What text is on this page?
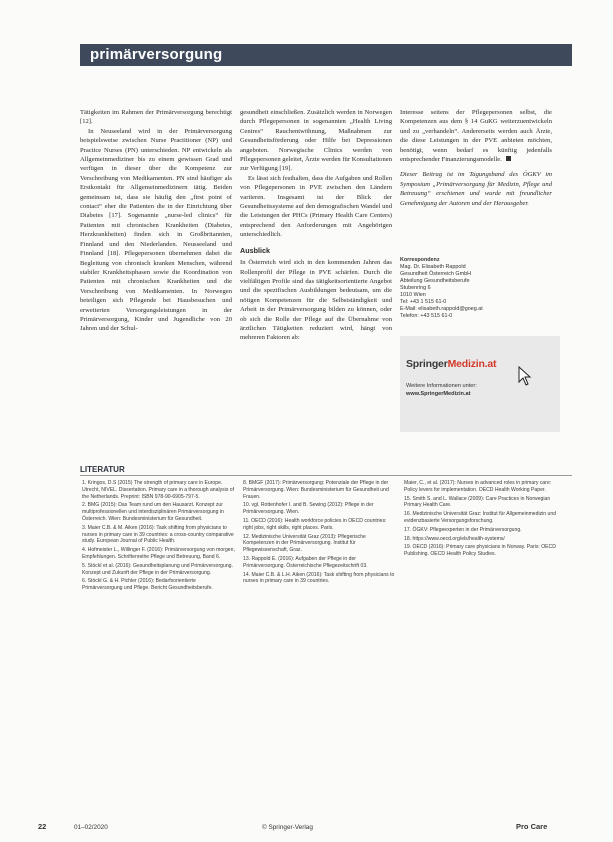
primärversorgung

Tätigkeiten im Rahmen der Primärversorgung berechtigt [12].

In Neuseeland wird in der Primärversorgung beispielsweise zwischen Nurse Practitioner (NP) und Practice Nurses (PN) unterschieden. NP entwickeln als Allgemeinmediziner bis zu einem gewissen Grad und verfügen in dieser über die Kompetenz zur Verschreibung von Medikamenten. PN sind häufiger als Erstkontakt für Allgemeinmedizinern tätig. Beiden gemeinsam ist, dass sie häufig den „first point of contact“ eher die Patienten die in der Einrichtung über Diabetes [17]. Sogenannte „nurse-led clinics“ für Patienten mit chronischen Krankheiten (Diabetes, Herzkrankheiten) finden sich in Großbritannien, Finnland und den Niederlanden. Neusseeland und Finnland [18]. Pflegepersonen übernehmen dabei die Begleitung von chronisch kranken Menschen, während stabiler Krankheitsphasen sowie die Koordination von Patienten mit chronischen Krankheiten und die Verschreibung von Medikamenten. In Norwegen beteiligen sich Pflegende bei Hausbesuchen und erweiterten Versorgungsleistungen in der Primärversorgung, Kinder und Jugendliche von 20 Jahren und der Schul-

gesundheit einschließen. Zusätzlich werden in Norwegen durch Pflegepersonen in sogenannten „Health Living Centres“ Rauchentwöhnung, Maßnahmen zur Gesundheitsförderung oder Hilfe bei Depressionen angeboten. Norwegische Clinics werden von Pflegepersonen geleitet, Ärzte werden für Konsultationen zur Verfügung [19].

Es lässt sich festhalten, dass die Aufgaben und Rollen von Pflegepersonen in PVE zwischen den Ländern variieren. Insgesamt ist der Blick der Gesundheitssysteme auf den demografischen Wandel und die Leistungen der PHCs (Primary Health Care Centers) entsprechend den Anforderungen mit Angehörigen unterschiedlich.

Ausblick

In Österreich wird sich in den kommenden Jahren das Rollenprofil der Pflege in PVE schärfen. Durch die vielfältigen Profile sind das tätigkeitsorientierte Angebot und die spezifischen Ausbildungen bedeutsam, um die nötigen Kompetenzen für die Selbstständigkeit und Arbeit in der Primärversorgung bilden zu können, oder ob sich die Rolle der Pflege auf die Übernahme von ärztlichen Tätigkeiten reduziert wird, hängt von mehreren Faktoren ab:

Interesse seitens der Pflegepersonen selbst, die Kompetenzen aus dem § 14 GuKG weiterzuentwickeln und zu „verhandeln“. Andererseits werden auch Ärzte, die diese Leistungen in der PVE anbieten möchten, benötigt, wenn bedarf es künftig jedenfalls entsprechender Finanzierungsmodelle.

Dieser Beitrag ist im Tagungsband des ÖGKV im Symposium „Primärversorgung für Medizin, Pflege und Betreuung“ erschienen und wurde mit freundlicher Genehmigung der Autoren und der Herausgeber.

Korrespondenz
Mag. Dr. Elisabeth Rappold
Gesundheit Österreich GmbH
Abteilung Gesundheitsberufe
Stubenring 6
1010 Wien
Tel: +43 1 515 61-0
E-Mail: elisabeth.rappold@goeg.at
Telefon: +43 515 61-0
SpringerMedizin.at
Weitere Informationen unter:
www.SpringerMedizin.at
LITERATUR

1. Kringos, D.S (2015) The strength of primary care in Europe. Utrecht, NIVEL. Dissertation. Primary care in a thorough analysis of the Netherlands. Preprint: ISBN 978-90-6905-797-5.

2. BMG (2015): Das Team rund um den Hausarzt. Konzept zur multiprofessionellen und interdisziplinären Primärversorgung in Österreich. Wien: Bundesministerium für Gesundheit.

3. Maier C.B. & M. Aiken (2016): Task shifting from physicians to nurses in primary care in 39 countries: a cross-country comparative study. European Journal of Public Health.

4. Hofmeister L., Willinger F. (2016): Primärversorgung von morgen, Empfehlungen. Schriftenreihe Pflege und Betreuung, Band 6.

5. Stöckl et al. (2016): Gesundheitsplanung und Primärversorgung. Konzept und Zukunft der Pflege in der Primärversorgung.

6. Stöckl G. & H. Pichler (2016): Bedarfsorientierte Primärversorgung und Pflege. Bericht Gesundheitsberufe.

8. BMGF (2017): Primärversorgung: Potenziale der Pflege in der Primärversorgung. Wien: Bundesministerium für Gesundheit und Frauen.

10. vgl. Rottenhofer I. and B. Sewing (2012): Pflege in der Primärversorgung. Wien.

11. OECD (2016): Health workforce policies in OECD countries: right jobs, right skills, right places. Paris.

12. Medizinische Universität Graz (2013): Pflegerische Kompetenzen in der Primärversorgung. Institut für Pflegewissenschaft, Graz.

13. Rappold E. (2016): Aufgaben der Pflege in der Primärversorgung. Österreichische Pflegezeitschrift 03.

14. Maier C.B. & L.H. Aiken (2016): Task shifting from physicians to nurses in primary care in 39 countries.

Maier, C., et al. (2017): Nurses in advanced roles in primary care: Policy levers for implementation. OECD Health Working Paper.

15. Smith S. and L. Wallace (2009): Care Practices in Norwegian Primary Health Care.

16. Medizinische Universität Graz: Institut für Allgemeinmedizin und evidenzbasierte Versorgungsforschung.

17. ÖGKV: Pflegeexperten in der Primärversorgung.

18. https://www.oecd.org/els/health-systems/

19. OECD (2016): Primary care physicians in Norway. Paris: OECD Publishing. OECD Health Policy Studies.

22	01–02/2020	© Springer-Verlag	Pro Care
